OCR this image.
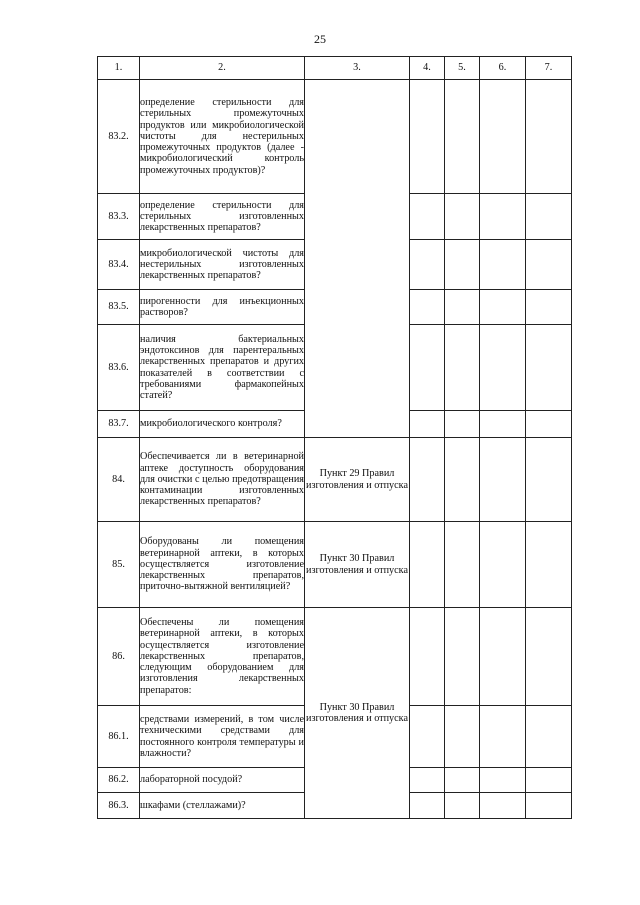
25
1.	2.	3.	4.	5.	6.	7.
83.2.	определение стерильности для стерильных промежуточных продуктов или микробиологической чистоты для нестерильных промежуточных продуктов (далее - микробиологический контроль промежуточных продуктов)?					
83.3.	определение стерильности для стерильных изготовленных лекарственных препаратов?					
83.4.	микробиологической чистоты для нестерильных изготовленных лекарственных препаратов?					
83.5.	пирогенности для инъекционных растворов?					
83.6.	наличия бактериальных эндотоксинов для парентеральных лекарственных препаратов и других показателей в соответствии с требованиями фармакопейных статей?					
83.7.	микробиологического контроля?					
84.	Обеспечивается ли в ветеринарной аптеке доступность оборудования для очистки с целью предотвращения контаминации изготовленных лекарственных препаратов?	Пункт 29 Правил изготовления и отпуска				
85.	Оборудованы ли помещения ветеринарной аптеки, в которых осуществляется изготовление лекарственных препаратов, приточно-вытяжной вентиляцией?	Пункт 30 Правил изготовления и отпуска				
86.	Обеспечены ли помещения ветеринарной аптеки, в которых осуществляется изготовление лекарственных препаратов, следующим оборудованием для изготовления лекарственных препаратов:	Пункт 30 Правил изготовления и отпуска				
86.1.	средствами измерений, в том числе техническими средствами для постоянного контроля температуры и влажности?					
86.2.	лабораторной посудой?					
86.3.	шкафами (стеллажами)?					
